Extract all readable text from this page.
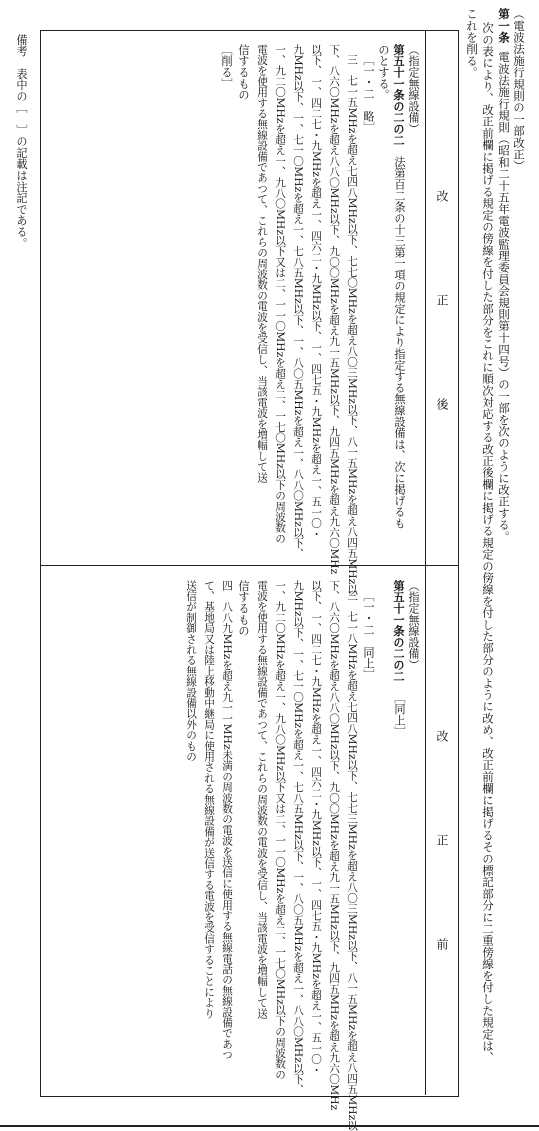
（電波法施行規則の一部改正）
第一条電波法施行規則（昭和二十五年電波監理委員会規則第十四号）の一部を次のように改正する。
次の表により、改正前欄に掲げる規定の傍線を付した部分をこれに順次対応する改正後欄に掲げる規定の傍線を付した部分のように改め、改正前欄に掲げるその標記部分に二重傍線を付した規定は、
これを削る。
改　正　後
改　正　前
（指定無線設備）
第五十一条の二の二法第百二条の十三第一項の規定により指定する無線設備は、次に掲げるも
のとする。
［一・二　略］
三　七一五MHzを超え七四八MHz以下、七七〇MHzを超え八〇三MHz以下、八一五MHzを超え八四五MHz以
下、八六〇MHzを超え八八〇MHz以下、九〇〇MHzを超え九一五MHz以下、九四五MHzを超え九六〇MHz
以下、一、四二七・九MHzを超え一、四六二・九MHz以下、一、四七五・九MHzを超え一、五一〇・
九MHz以下、一、七一〇MHzを超え一、七八五MHz以下、一、八〇五MHzを超え一、八八〇MHz以下、
一、九二〇MHzを超え一、九八〇MHz以下又は二、一一〇MHzを超え二、一七〇MHz以下の周波数の
電波を使用する無線設備であつて、これらの周波数の電波を受信し、当該電波を増幅して送
信するもの
［削る］
（指定無線設備）
第五十一条の二の二［同上］
［一・二　同上］
三　七一八MHzを超え七四八MHz以下、七七三MHzを超え八〇三MHz以下、八一五MHzを超え八四五MHz以
下、八六〇MHzを超え八八〇MHz以下、九〇〇MHzを超え九一五MHz以下、九四五MHzを超え九六〇MHz
以下、一、四二七・九MHzを超え一、四六二・九MHz以下、一、四七五・九MHzを超え一、五一〇・
九MHz以下、一、七一〇MHzを超え一、七八五MHz以下、一、八〇五MHzを超え一、八八〇MHz以下、
一、九二〇MHzを超え一、九八〇MHz以下又は二、一一〇MHzを超え二、一七〇MHz以下の周波数の
電波を使用する無線設備であつて、これらの周波数の電波を受信し、当該電波を増幅して送
信するもの
四　八八九MHzを超え九一一MHz未満の周波数の電波を送信に使用する無線電話の無線設備であつ
て、基地局又は陸上移動中継局に使用される無線設備が送信する電波を受信することにより
送信が制御される無線設備以外のもの
備考　表中の［　］の記載は注記である。
